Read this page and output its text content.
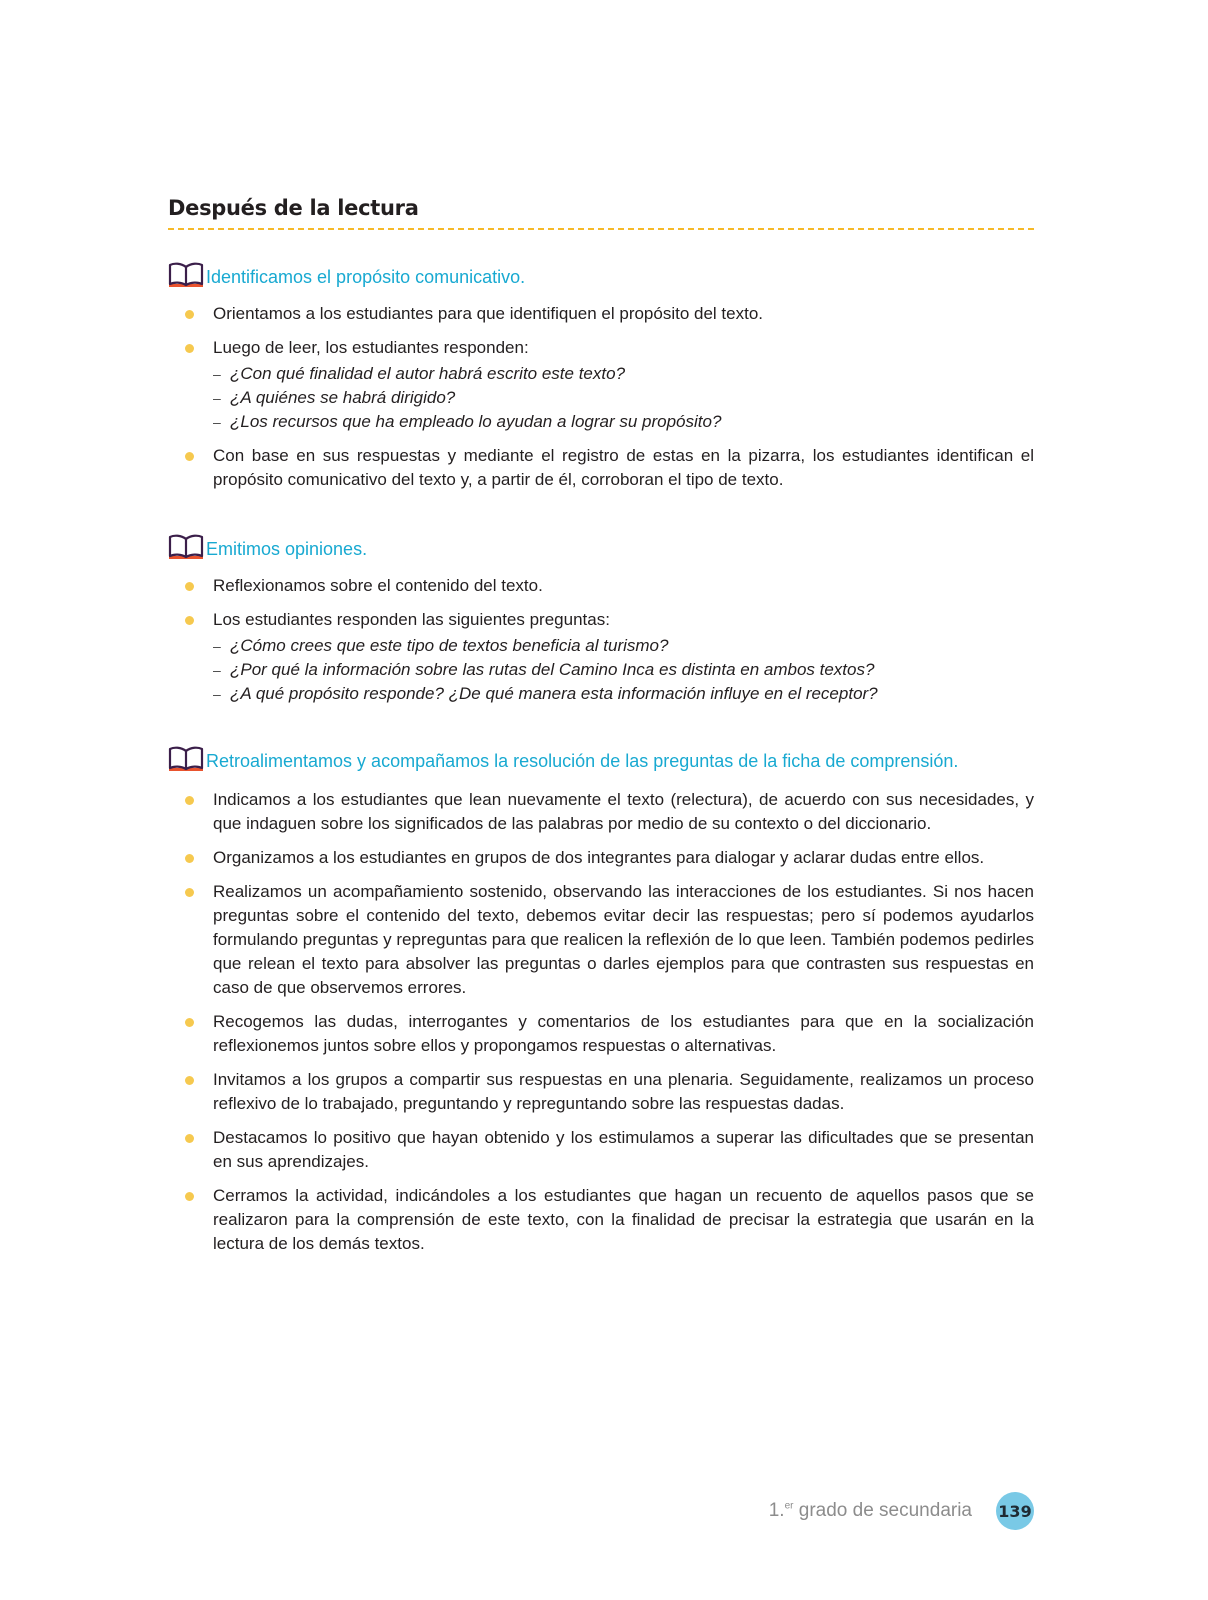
Después de la lectura
Identificamos el propósito comunicativo.
Orientamos a los estudiantes para que identifiquen el propósito del texto.
Luego de leer, los estudiantes responden:
– ¿Con qué finalidad el autor habrá escrito este texto?
– ¿A quiénes se habrá dirigido?
– ¿Los recursos que ha empleado lo ayudan a lograr su propósito?
Con base en sus respuestas y mediante el registro de estas en la pizarra, los estudiantes identifican el propósito comunicativo del texto y, a partir de él, corroboran el tipo de texto.
Emitimos opiniones.
Reflexionamos sobre el contenido del texto.
Los estudiantes responden las siguientes preguntas:
– ¿Cómo crees que este tipo de textos beneficia al turismo?
– ¿Por qué la información sobre las rutas del Camino Inca es distinta en ambos textos?
– ¿A qué propósito responde? ¿De qué manera esta información influye en el receptor?
Retroalimentamos y acompañamos la resolución de las preguntas de la ficha de comprensión.
Indicamos a los estudiantes que lean nuevamente el texto (relectura), de acuerdo con sus necesidades, y que indaguen sobre los significados de las palabras por medio de su contexto o del diccionario.
Organizamos a los estudiantes en grupos de dos integrantes para dialogar y aclarar dudas entre ellos.
Realizamos un acompañamiento sostenido, observando las interacciones de los estudiantes. Si nos hacen preguntas sobre el contenido del texto, debemos evitar decir las respuestas; pero sí podemos ayudarlos formulando preguntas y repreguntas para que realicen la reflexión de lo que leen. También podemos pedirles que relean el texto para absolver las preguntas o darles ejemplos para que contrasten sus respuestas en caso de que observemos errores.
Recogemos las dudas, interrogantes y comentarios de los estudiantes para que en la socialización reflexionemos juntos sobre ellos y propongamos respuestas o alternativas.
Invitamos a los grupos a compartir sus respuestas en una plenaria. Seguidamente, realizamos un proceso reflexivo de lo trabajado, preguntando y repreguntando sobre las respuestas dadas.
Destacamos lo positivo que hayan obtenido y los estimulamos a superar las dificultades que se presentan en sus aprendizajes.
Cerramos la actividad, indicándoles a los estudiantes que hagan un recuento de aquellos pasos que se realizaron para la comprensión de este texto, con la finalidad de precisar la estrategia que usarán en la lectura de los demás textos.
1.$^{er}$ grado de secundaria 139
